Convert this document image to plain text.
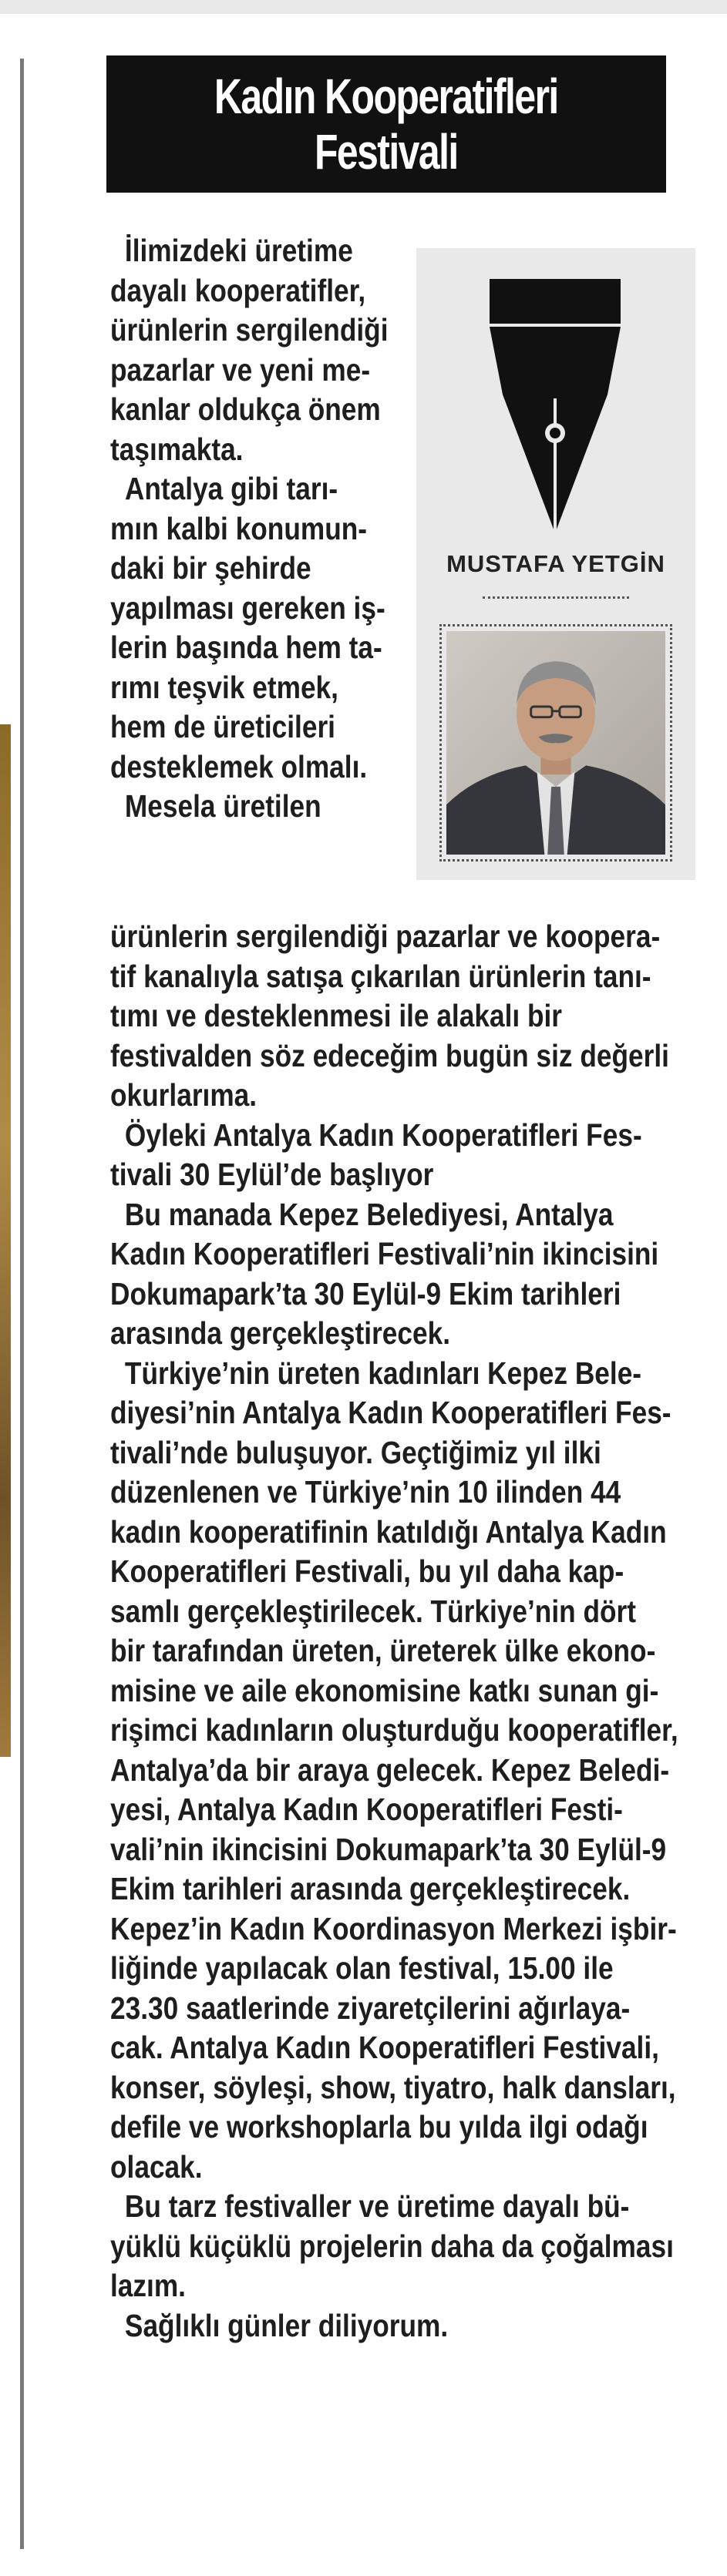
Kadın Kooperatifleri
Festivali
MUSTAFA YETGİN

İlimizdeki üretime
dayalı kooperatifler,
ürünlerin sergilendiği
pazarlar ve yeni me-
kanlar oldukça önem
taşımakta.
Antalya gibi tarı-
mın kalbi konumun-
daki bir şehirde
yapılması gereken iş-
lerin başında hem ta-
rımı teşvik etmek,
hem de üreticileri
desteklemek olmalı.
Mesela üretilen

ürünlerin sergilendiği pazarlar ve koopera-
tif kanalıyla satışa çıkarılan ürünlerin tanı-
tımı ve desteklenmesi ile alakalı bir
festivalden söz edeceğim bugün siz değerli
okurlarıma.
Öyleki Antalya Kadın Kooperatifleri Fes-
tivali 30 Eylül’de başlıyor
Bu manada Kepez Belediyesi, Antalya
Kadın Kooperatifleri Festivali’nin ikincisini
Dokumapark’ta 30 Eylül-9 Ekim tarihleri
arasında gerçekleştirecek.
Türkiye’nin üreten kadınları Kepez Bele-
diyesi’nin Antalya Kadın Kooperatifleri Fes-
tivali’nde buluşuyor. Geçtiğimiz yıl ilki
düzenlenen ve Türkiye’nin 10 ilinden 44
kadın kooperatifinin katıldığı Antalya Kadın
Kooperatifleri Festivali, bu yıl daha kap-
samlı gerçekleştirilecek. Türkiye’nin dört
bir tarafından üreten, üreterek ülke ekono-
misine ve aile ekonomisine katkı sunan gi-
rişimci kadınların oluşturduğu kooperatifler,
Antalya’da bir araya gelecek. Kepez Beledi-
yesi, Antalya Kadın Kooperatifleri Festi-
vali’nin ikincisini Dokumapark’ta 30 Eylül-9
Ekim tarihleri arasında gerçekleştirecek.
Kepez’in Kadın Koordinasyon Merkezi işbir-
liğinde yapılacak olan festival, 15.00 ile
23.30 saatlerinde ziyaretçilerini ağırlaya-
cak. Antalya Kadın Kooperatifleri Festivali,
konser, söyleşi, show, tiyatro, halk dansları,
defile ve workshoplarla bu yılda ilgi odağı
olacak.
Bu tarz festivaller ve üretime dayalı bü-
yüklü küçüklü projelerin daha da çoğalması
lazım.
Sağlıklı günler diliyorum.
